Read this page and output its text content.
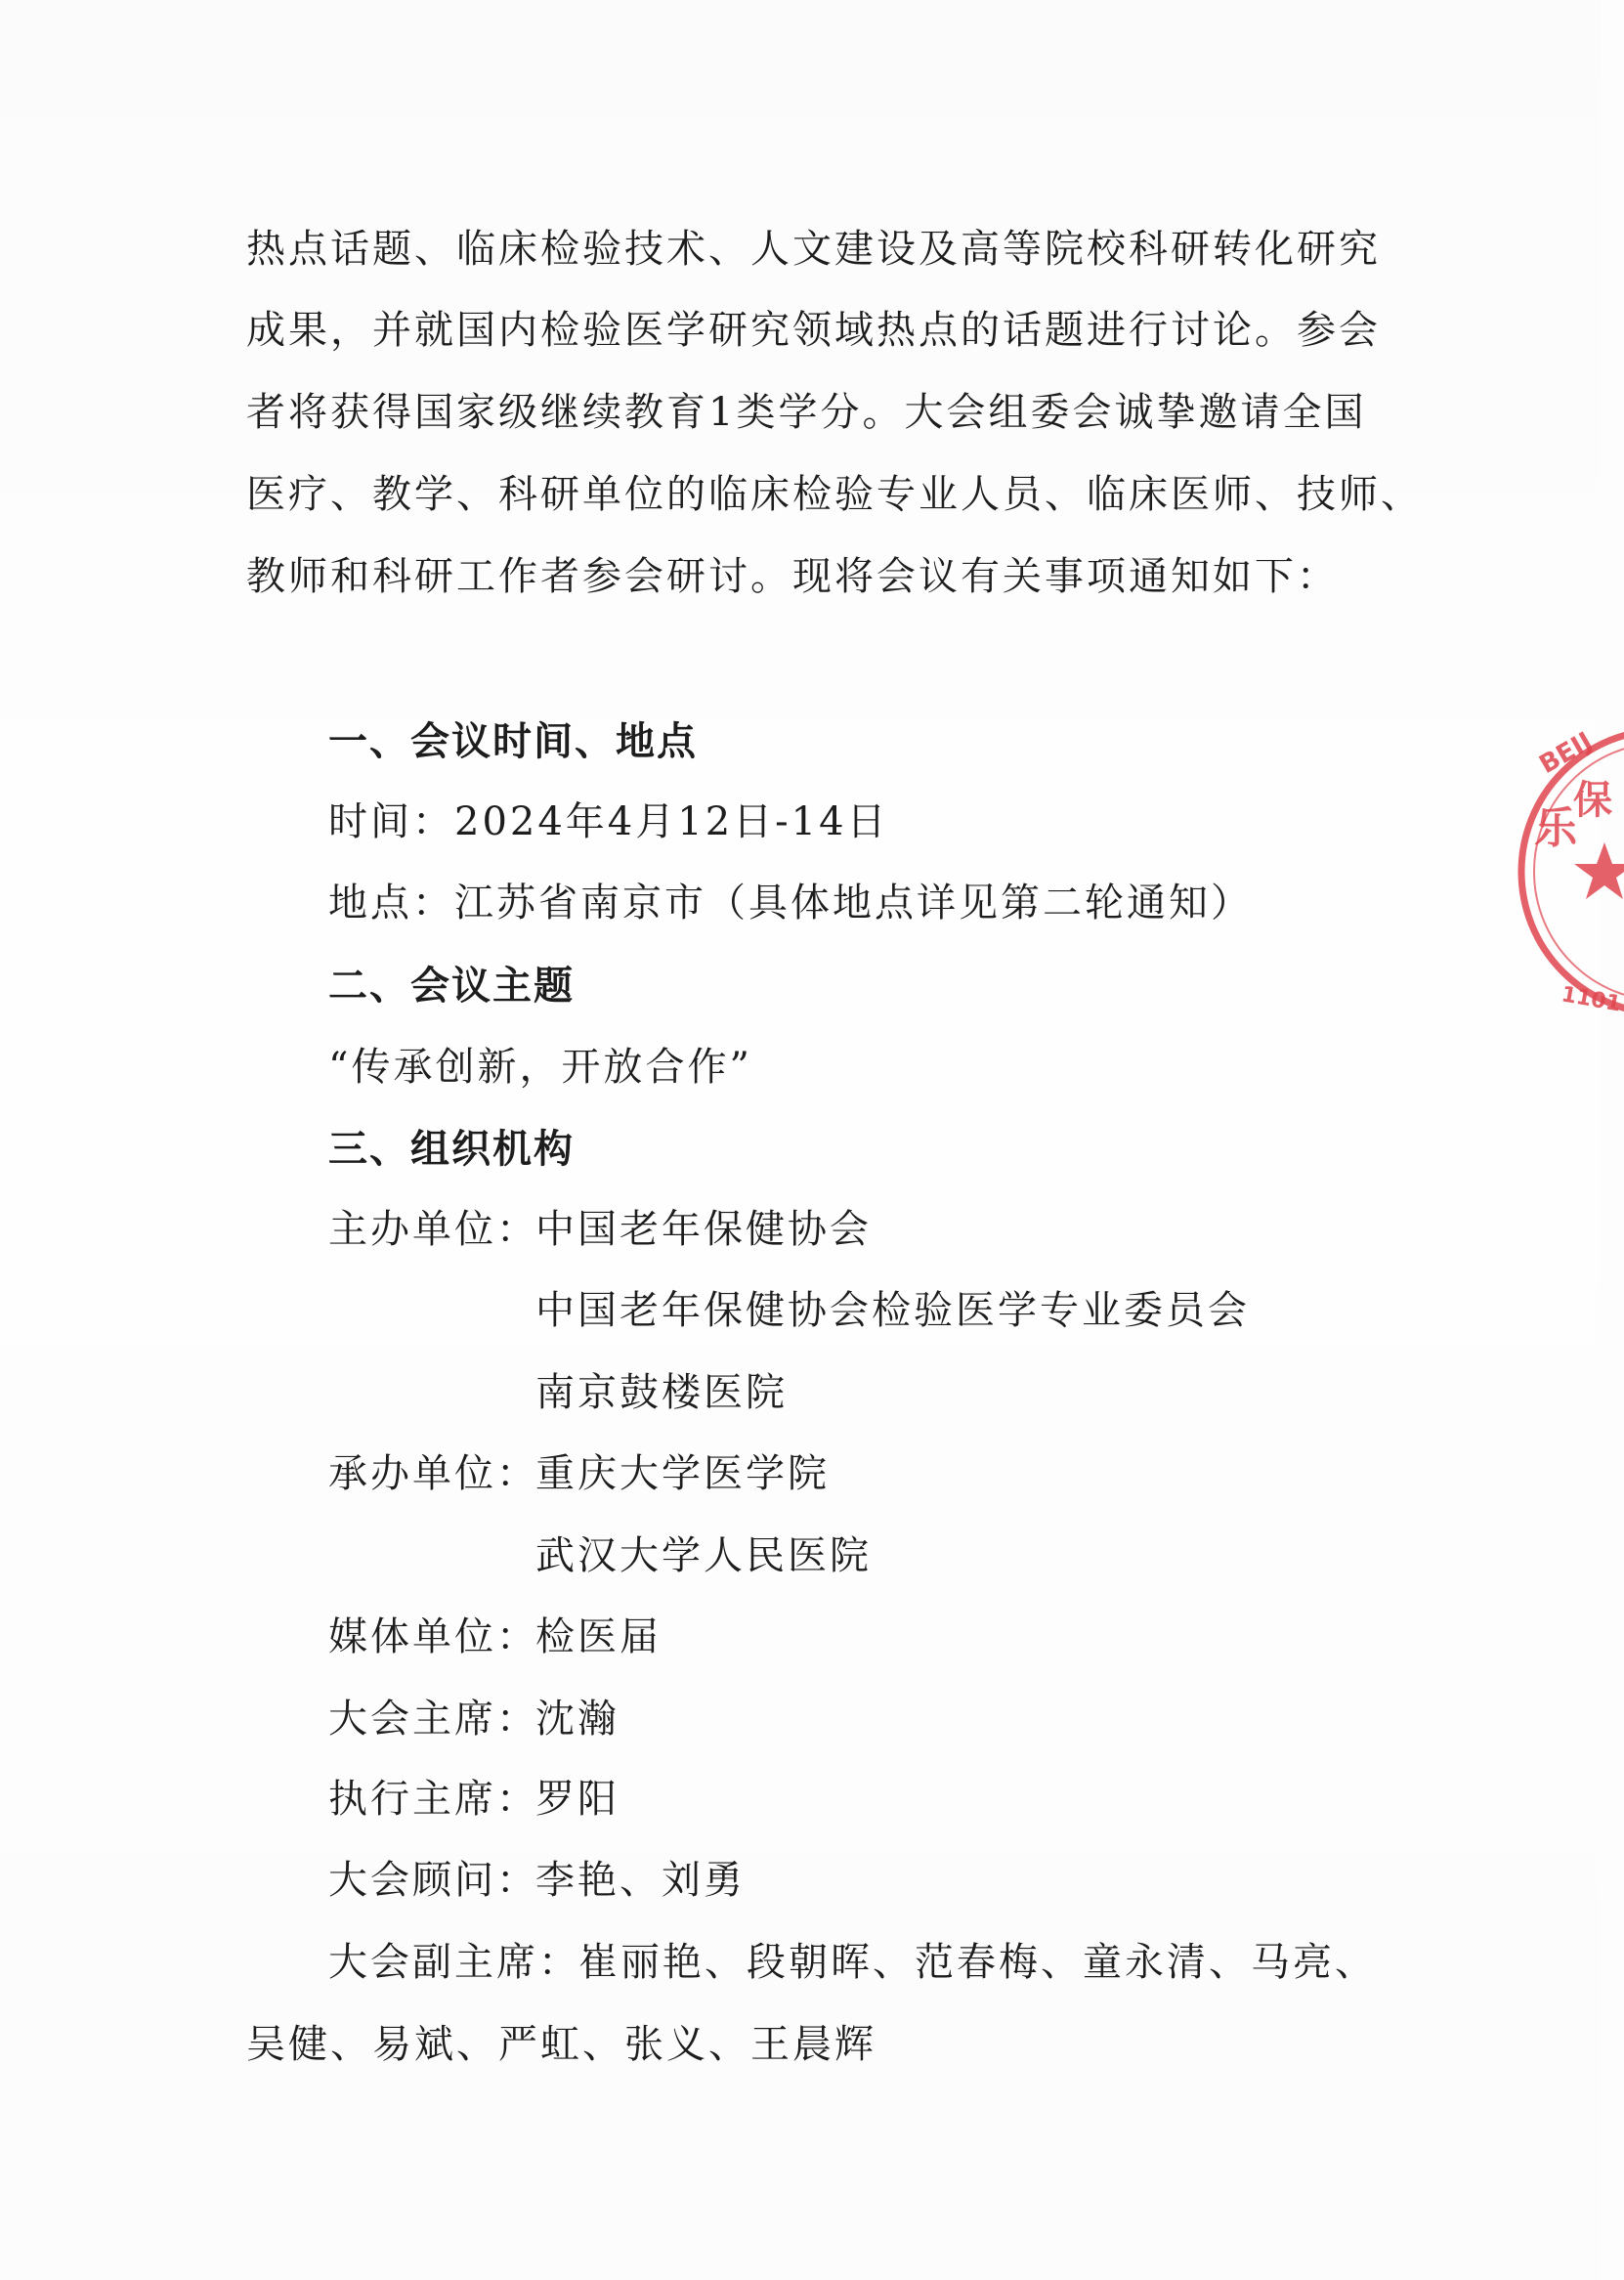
热点话题、临床检验技术、人文建设及高等院校科研转化研究
成果，并就国内检验医学研究领域热点的话题进行讨论。参会
者将获得国家级继续教育1类学分。大会组委会诚挚邀请全国
医疗、教学、科研单位的临床检验专业人员、临床医师、技师、
教师和科研工作者参会研讨。现将会议有关事项通知如下：
一、会议时间、地点
时间：2024年4月12日-14日
地点：江苏省南京市（具体地点详见第二轮通知）
二、会议主题
“传承创新，开放合作”
三、组织机构
主办单位：
中国老年保健协会
中国老年保健协会检验医学专业委员会
南京鼓楼医院
承办单位：
重庆大学医学院
武汉大学人民医院
媒体单位：
检医届
大会主席：
沈瀚
执行主席：
罗阳
大会顾问：
李艳、刘勇
大会副主席：
崔丽艳、段朝晖、范春梅、童永清、马亮、
吴健、易斌、严虹、张义、王晨辉
BEIJ
乐
保
1101
